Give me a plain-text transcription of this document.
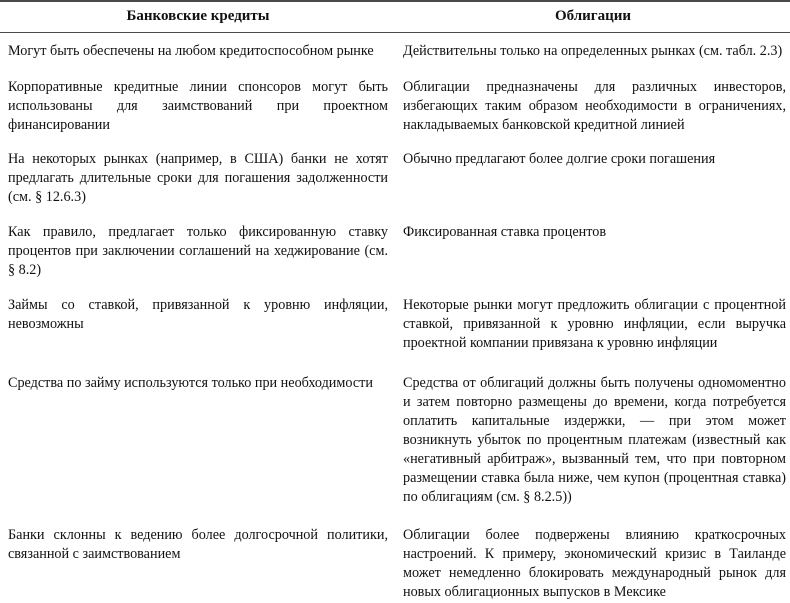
Банковские кредиты	Облигации
Могут быть обеспечены на любом кредитоспособном рынке	Действительны только на определенных рынках (см. табл. 2.3)
Корпоративные кредитные линии спонсоров могут быть использованы для заимствований при проектном финансировании	Облигации предназначены для различных инвесторов, избегающих таким образом необходимости в ограничениях, накладываемых банковской кредитной линией
На некоторых рынках (например, в США) банки не хотят предлагать длительные сроки для погашения задолженности (см. § 12.6.3)	Обычно предлагают более долгие сроки погашения
Как правило, предлагает только фиксированную ставку процентов при заключении соглашений на хеджирование (см. § 8.2)	Фиксированная ставка процентов
Займы со ставкой, привязанной к уровню инфляции, невозможны	Некоторые рынки могут предложить облигации с процентной ставкой, привязанной к уровню инфляции, если выручка проектной компании привязана к уровню инфляции
Средства по займу используются только при необходимости	Средства от облигаций должны быть получены одномоментно и затем повторно размещены до времени, когда потребуется оплатить капитальные издержки, — при этом может возникнуть убыток по процентным платежам (известный как «негативный арбитраж», вызванный тем, что при повторном размещении ставка была ниже, чем купон (процентная ставка) по облигациям (см. § 8.2.5))
Банки склонны к ведению более долгосрочной политики, связанной с заимствованием	Облигации более подвержены влиянию краткосрочных настроений. К примеру, экономический кризис в Таиланде может немедленно блокировать международный рынок для новых облигационных выпусков в Мексике
